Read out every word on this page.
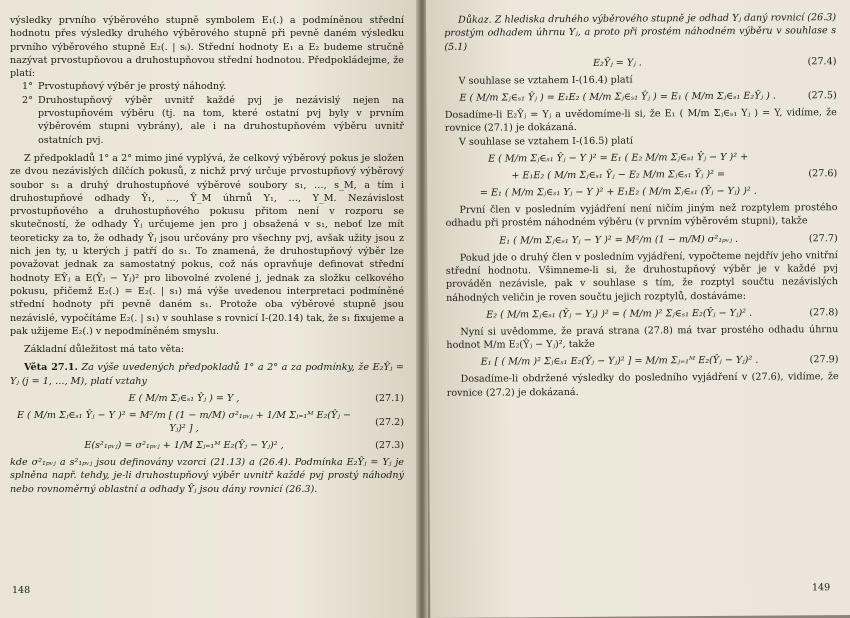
výsledky prvního výběrového stupně symbolem E₁(.) a podmíněnou střední hodnotu přes výsledky druhého výběrového stupně při pevně daném výsledku prvního výběrového stupně E₂(. | sᵢ). Střední hodnoty E₁ a E₂ budeme stručně nazývat prvostupňovou a druhostupňovou střední hodnotou. Předpokládejme, že platí:

1° Prvostupňový výběr je prostý náhodný.
2° Druhostupňový výběr uvnitř každé pvj je nezávislý nejen na prvostupňovém výběru (tj. na tom, které ostatní pvj byly v prvním výběrovém stupni vybrány), ale i na druhostupňovém výběru uvnitř ostatních pvj.

Z předpokladů 1° a 2° mimo jiné vyplývá, že celkový výběrový pokus je složen ze dvou nezávislých dílčích pokusů, z nichž prvý určuje prvostupňový výběrový soubor s₁ a druhý druhostupňové výběrové soubory s₁, …, s_M, a tím i druhostupňové odhady Ŷ₁, …, Ŷ_M úhrnů Y₁, …, Y_M. Nezávislost prvostupňového a druhostupňového pokusu přitom není v rozporu se skutečností, že odhady Ŷⱼ určujeme jen pro j obsažená v s₁, neboť lze mít teoreticky za to, že odhady Ŷⱼ jsou určovány pro všechny pvj, avšak užity jsou z nich jen ty, u kterých j patří do s₁. To znamená, že druhostupňový výběr lze považovat jednak za samostatný pokus, což nás opravňuje definovat střední hodnoty EŶⱼ a E(Ŷⱼ − Yⱼ)² pro libovolné zvolené j, jednak za složku celkového pokusu, přičemž E₂(.) = E₂(. | s₁) má výše uvedenou interpretaci podmíněné střední hodnoty při pevně daném s₁. Protože oba výběrové stupně jsou nezávislé, vypočítáme E₂(. | s₁) v souhlase s rovnicí I-(20.14) tak, že s₁ fixujeme a pak užijeme E₂(.) v nepodmíněném smyslu.

Základní důležitost má tato věta:

Věta 27.1. Za výše uvedených předpokladů 1° a 2° a za podmínky, že E₂Ŷⱼ = Yⱼ (j = 1, …, M), platí vztahy

E ( M/m Σⱼ∈ₛ₁ Ŷⱼ ) = Y ,	(27.1)
E ( M/m Σⱼ∈ₛ₁ Ŷⱼ − Y )² = M²/m [ (1 − m/M) σ²₁ₚᵥⱼ + 1/M Σⱼ₌₁ᴹ E₂(Ŷⱼ − Yⱼ)² ] ,
(27.2)
E(s²₁ₚᵥⱼ) = σ²₁ₚᵥⱼ + 1/M Σⱼ₌₁ᴹ E₂(Ŷⱼ − Yⱼ)² ,	(27.3)

kde σ²₁ₚᵥⱼ a s²₁ₚᵥⱼ jsou definovány vzorci (21.13) a (26.4). Podmínka E₂Ŷⱼ = Yⱼ je splněna např. tehdy, je-li druhostupňový výběr uvnitř každé pvj prostý náhodný nebo rovnoměrný oblastní a odhady Ŷⱼ jsou dány rovnicí (26.3).

148

Důkaz. Z hlediska druhého výběrového stupně je odhad Yⱼ daný rovnicí (26.3) prostým odhadem úhrnu Yⱼ, a proto při prostém náhodném výběru v souhlase s (5.1)

E₂Ŷⱼ = Yⱼ .	(27.4)

V souhlase se vztahem I-(16.4) platí

E ( M/m Σⱼ∈ₛ₁ Ŷⱼ ) = E₁E₂ ( M/m Σⱼ∈ₛ₁ Ŷⱼ ) = E₁ ( M/m Σⱼ∈ₛ₁ E₂Ŷⱼ ) .	(27.5)

Dosadíme-li E₂Ŷⱼ = Yⱼ a uvědomíme-li si, že E₁ ( M/m Σⱼ∈ₛ₁ Yⱼ ) = Y, vidíme, že rovnice (27.1) je dokázaná.

V souhlase se vztahem I-(16.5) platí

E ( M/m Σⱼ∈ₛ₁ Ŷⱼ − Y )² = E₁ ( E₂ M/m Σⱼ∈ₛ₁ Ŷⱼ − Y )² +
+ E₁E₂ ( M/m Σⱼ∈ₛ₁ Ŷⱼ − E₂ M/m Σⱼ∈ₛ₁ Ŷⱼ )² =	(27.6)
= E₁ ( M/m Σⱼ∈ₛ₁ Yⱼ − Y )² + E₁E₂ ( M/m Σⱼ∈ₛ₁ (Ŷⱼ − Yⱼ) )² .

První člen v posledním vyjádření není ničím jiným než rozptylem prostého odhadu při prostém náhodném výběru (v prvním výběrovém stupni), takže

E₁ ( M/m Σⱼ∈ₛ₁ Yⱼ − Y )² = M²/m (1 − m/M) σ²₁ₚᵥⱼ .	(27.7)

Pokud jde o druhý člen v posledním vyjádření, vypočteme nejdřív jeho vnitřní střední hodnotu. Všimneme-li si, že druhostupňový výběr je v každé pvj prováděn nezávisle, pak v souhlase s tím, že rozptyl součtu nezávislých náhodných veličin je roven součtu jejich rozptylů, dostáváme:

E₂ ( M/m Σⱼ∈ₛ₁ (Ŷⱼ − Yⱼ) )² = ( M/m )² Σⱼ∈ₛ₁ E₂(Ŷⱼ − Yⱼ)² .	(27.8)

Nyní si uvědomme, že pravá strana (27.8) má tvar prostého odhadu úhrnu hodnot M/m E₂(Ŷⱼ − Yⱼ)², takže

E₁ [ ( M/m )² Σⱼ∈ₛ₁ E₂(Ŷⱼ − Yⱼ)² ] = M/m Σⱼ₌₁ᴹ E₂(Ŷⱼ − Yⱼ)² .	(27.9)

Dosadíme-li obdržené výsledky do posledního vyjádření v (27.6), vidíme, že rovnice (27.2) je dokázaná.

149
